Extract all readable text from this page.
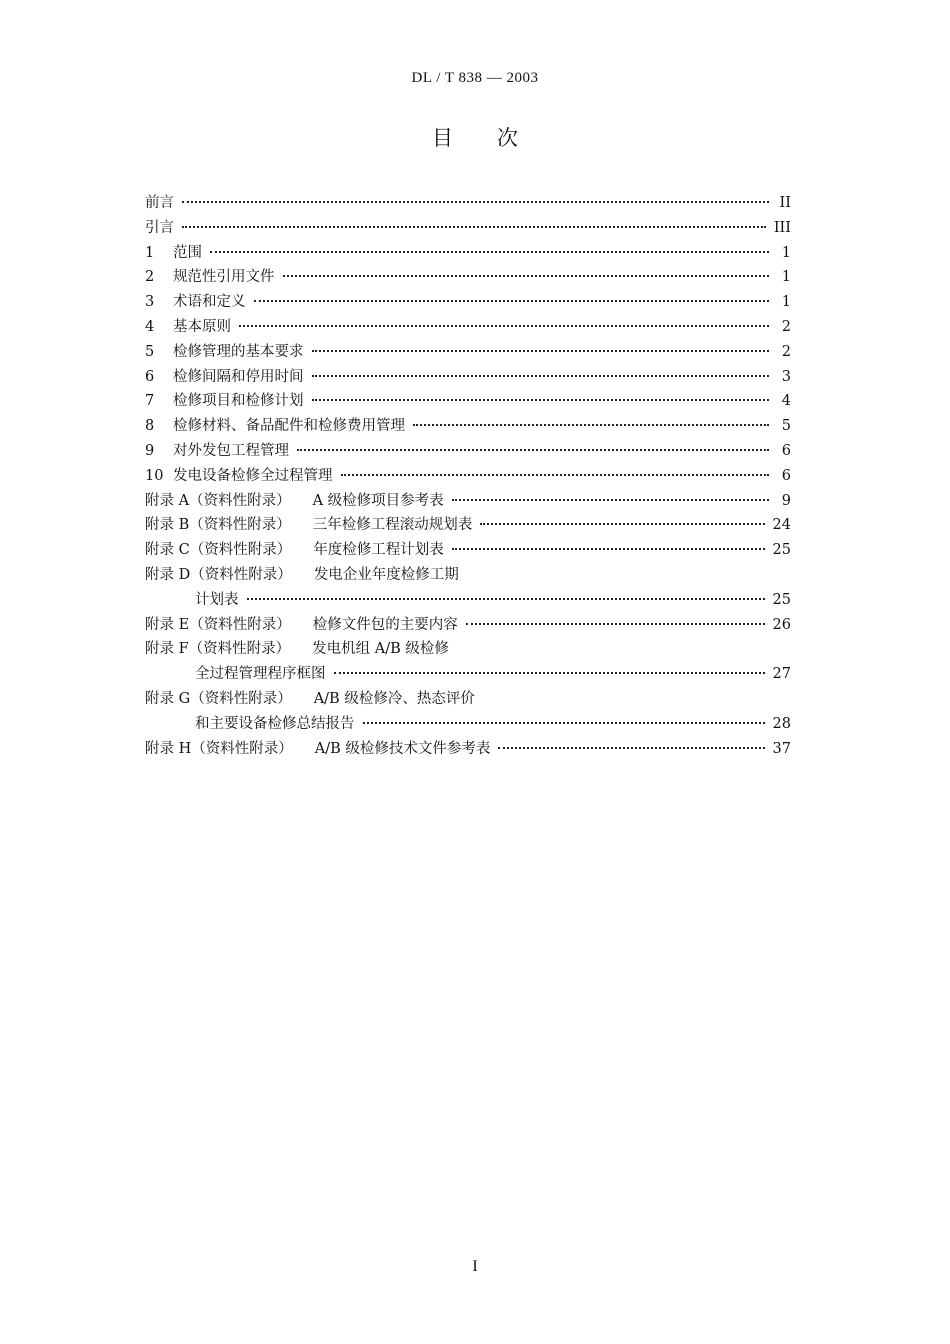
DL / T 838 — 2003
目 次
前言	II
引言	III
1	范围	1
2	规范性引用文件	1
3	术语和定义	1
4	基本原则	2
5	检修管理的基本要求	2
6	检修间隔和停用时间	3
7	检修项目和检修计划	4
8	检修材料、备品配件和检修费用管理	5
9	对外发包工程管理	6
10 发电设备检修全过程管理	6
附录 A（资料性附录） A 级检修项目参考表	9
附录 B（资料性附录） 三年检修工程滚动规划表	24
附录 C（资料性附录） 年度检修工程计划表	25
附录 D（资料性附录） 发电企业年度检修工期
计划表	25
附录 E（资料性附录） 检修文件包的主要内容	26
附录 F（资料性附录） 发电机组 A/B 级检修
全过程管理程序框图	27
附录 G（资料性附录） A/B 级检修冷、热态评价
和主要设备检修总结报告	28
附录 H（资料性附录） A/B 级检修技术文件参考表	37
I
